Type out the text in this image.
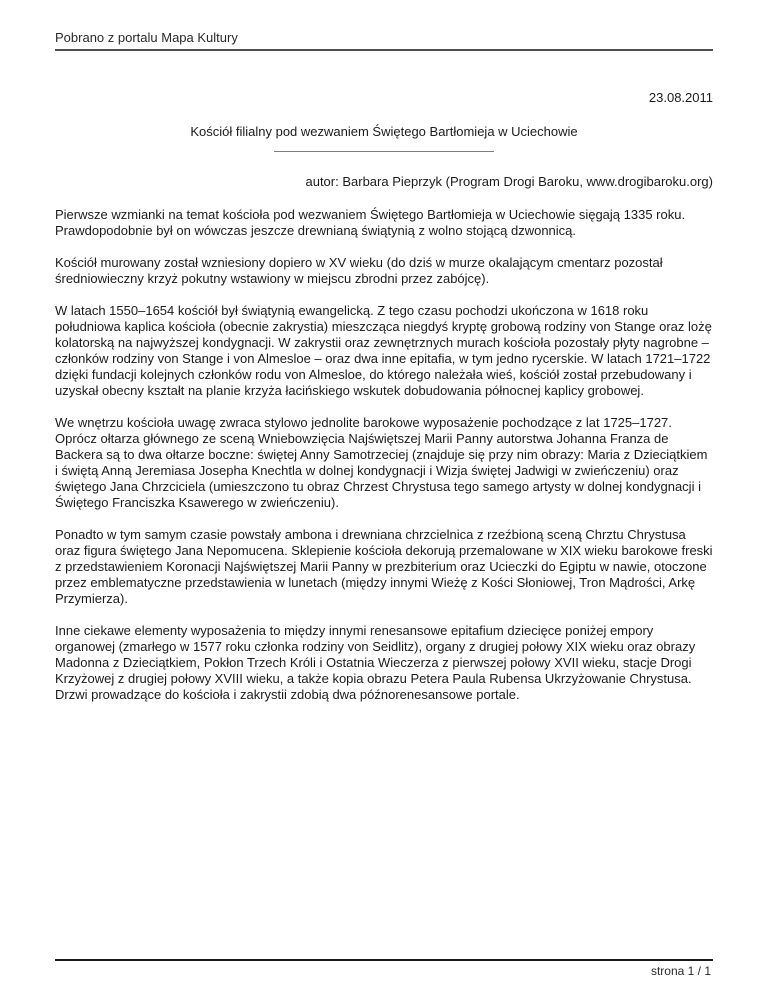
Pobrano z portalu Mapa Kultury
23.08.2011
Kościół filialny pod wezwaniem Świętego Bartłomieja w Uciechowie
autor: Barbara Pieprzyk (Program Drogi Baroku, www.drogibaroku.org)

Pierwsze wzmianki na temat kościoła pod wezwaniem Świętego Bartłomieja w Uciechowie sięgają 1335 roku. Prawdopodobnie był on wówczas jeszcze drewnianą świątynią z wolno stojącą dzwonnicą.

Kościół murowany został wzniesiony dopiero w XV wieku (do dziś w murze okalającym cmentarz pozostał średniowieczny krzyż pokutny wstawiony w miejscu zbrodni przez zabójcę).

W latach 1550–1654 kościół był świątynią ewangelicką. Z tego czasu pochodzi ukończona w 1618 roku południowa kaplica kościoła (obecnie zakrystia) mieszcząca niegdyś kryptę grobową rodziny von Stange oraz lożę kolatorską na najwyższej kondygnacji. W zakrystii oraz zewnętrznych murach kościoła pozostały płyty nagrobne – członków rodziny von Stange i von Almesloe – oraz dwa inne epitafia, w tym jedno rycerskie. W latach 1721–1722 dzięki fundacji kolejnych członków rodu von Almesloe, do którego należała wieś, kościół został przebudowany i uzyskał obecny kształt na planie krzyża łacińskiego wskutek dobudowania północnej kaplicy grobowej.

We wnętrzu kościoła uwagę zwraca stylowo jednolite barokowe wyposażenie pochodzące z lat 1725–1727. Oprócz ołtarza głównego ze sceną Wniebowzięcia Najświętszej Marii Panny autorstwa Johanna Franza de Backera są to dwa ołtarze boczne: świętej Anny Samotrzeciej (znajduje się przy nim obrazy: Maria z Dzieciątkiem i świętą Anną Jeremiasa Josepha Knechtla w dolnej kondygnacji i Wizja świętej Jadwigi w zwieńczeniu) oraz świętego Jana Chrzciciela (umieszczono tu obraz Chrzest Chrystusa tego samego artysty w dolnej kondygnacji i Świętego Franciszka Ksawerego w zwieńczeniu).

Ponadto w tym samym czasie powstały ambona i drewniana chrzcielnica z rzeźbioną sceną Chrztu Chrystusa oraz figura świętego Jana Nepomucena. Sklepienie kościoła dekorują przemalowane w XIX wieku barokowe freski z przedstawieniem Koronacji Najświętszej Marii Panny w prezbiterium oraz Ucieczki do Egiptu w nawie, otoczone przez emblematyczne przedstawienia w lunetach (między innymi Wieżę z Kości Słoniowej, Tron Mądrości, Arkę Przymierza).

Inne ciekawe elementy wyposażenia to między innymi renesansowe epitafium dziecięce poniżej empory organowej (zmarłego w 1577 roku członka rodziny von Seidlitz), organy z drugiej połowy XIX wieku oraz obrazy Madonna z Dzieciątkiem, Pokłon Trzech Króli i Ostatnia Wieczerza z pierwszej połowy XVII wieku, stacje Drogi Krzyżowej z drugiej połowy XVIII wieku, a także kopia obrazu Petera Paula Rubensa Ukrzyżowanie Chrystusa. Drzwi prowadzące do kościoła i zakrystii zdobią dwa późnorenesansowe portale.

strona 1 / 1
